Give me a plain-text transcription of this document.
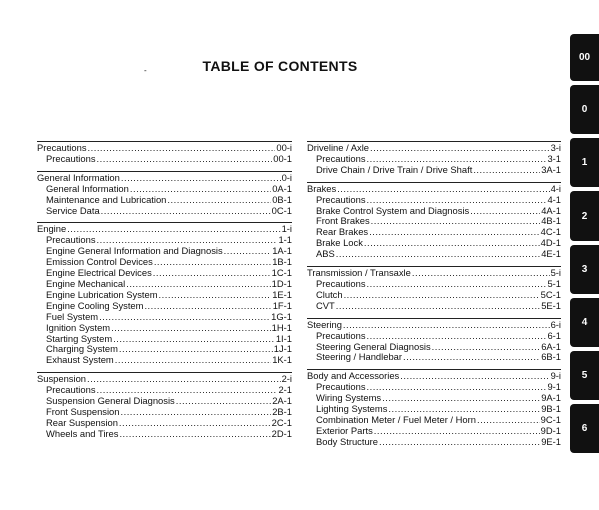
TABLE OF CONTENTS
-
Precautions .....	00-i
Precautions .....	00-1
General Information .....	0-i
General Information .....	0A-1
Maintenance and Lubrication .....	0B-1
Service Data .....	0C-1
Engine .....	1-i
Precautions .....	1-1
Engine General Information and Diagnosis .....	1A-1
Emission Control Devices .....	1B-1
Engine Electrical Devices .....	1C-1
Engine Mechanical .....	1D-1
Engine Lubrication System .....	1E-1
Engine Cooling System .....	1F-1
Fuel System .....	1G-1
Ignition System .....	1H-1
Starting System .....	1I-1
Charging System .....	1J-1
Exhaust System .....	1K-1
Suspension .....	2-i
Precautions .....	2-1
Suspension General Diagnosis .....	2A-1
Front Suspension .....	2B-1
Rear Suspension .....	2C-1
Wheels and Tires .....	2D-1
Driveline / Axle .....	3-i
Precautions .....	3-1
Drive Chain / Drive Train / Drive Shaft .....	3A-1
Brakes .....	4-i
Precautions .....	4-1
Brake Control System and Diagnosis .....	4A-1
Front Brakes .....	4B-1
Rear Brakes .....	4C-1
Brake Lock .....	4D-1
ABS .....	4E-1
Transmission / Transaxle .....	5-i
Precautions .....	5-1
Clutch .....	5C-1
CVT .....	5E-1
Steering .....	6-i
Precautions .....	6-1
Steering General Diagnosis .....	6A-1
Steering / Handlebar .....	6B-1
Body and Accessories .....	9-i
Precautions .....	9-1
Wiring Systems .....	9A-1
Lighting Systems .....	9B-1
Combination Meter / Fuel Meter / Horn .....	9C-1
Exterior Parts .....	9D-1
Body Structure .....	9E-1
00
0
1
2
3
4
5
6
